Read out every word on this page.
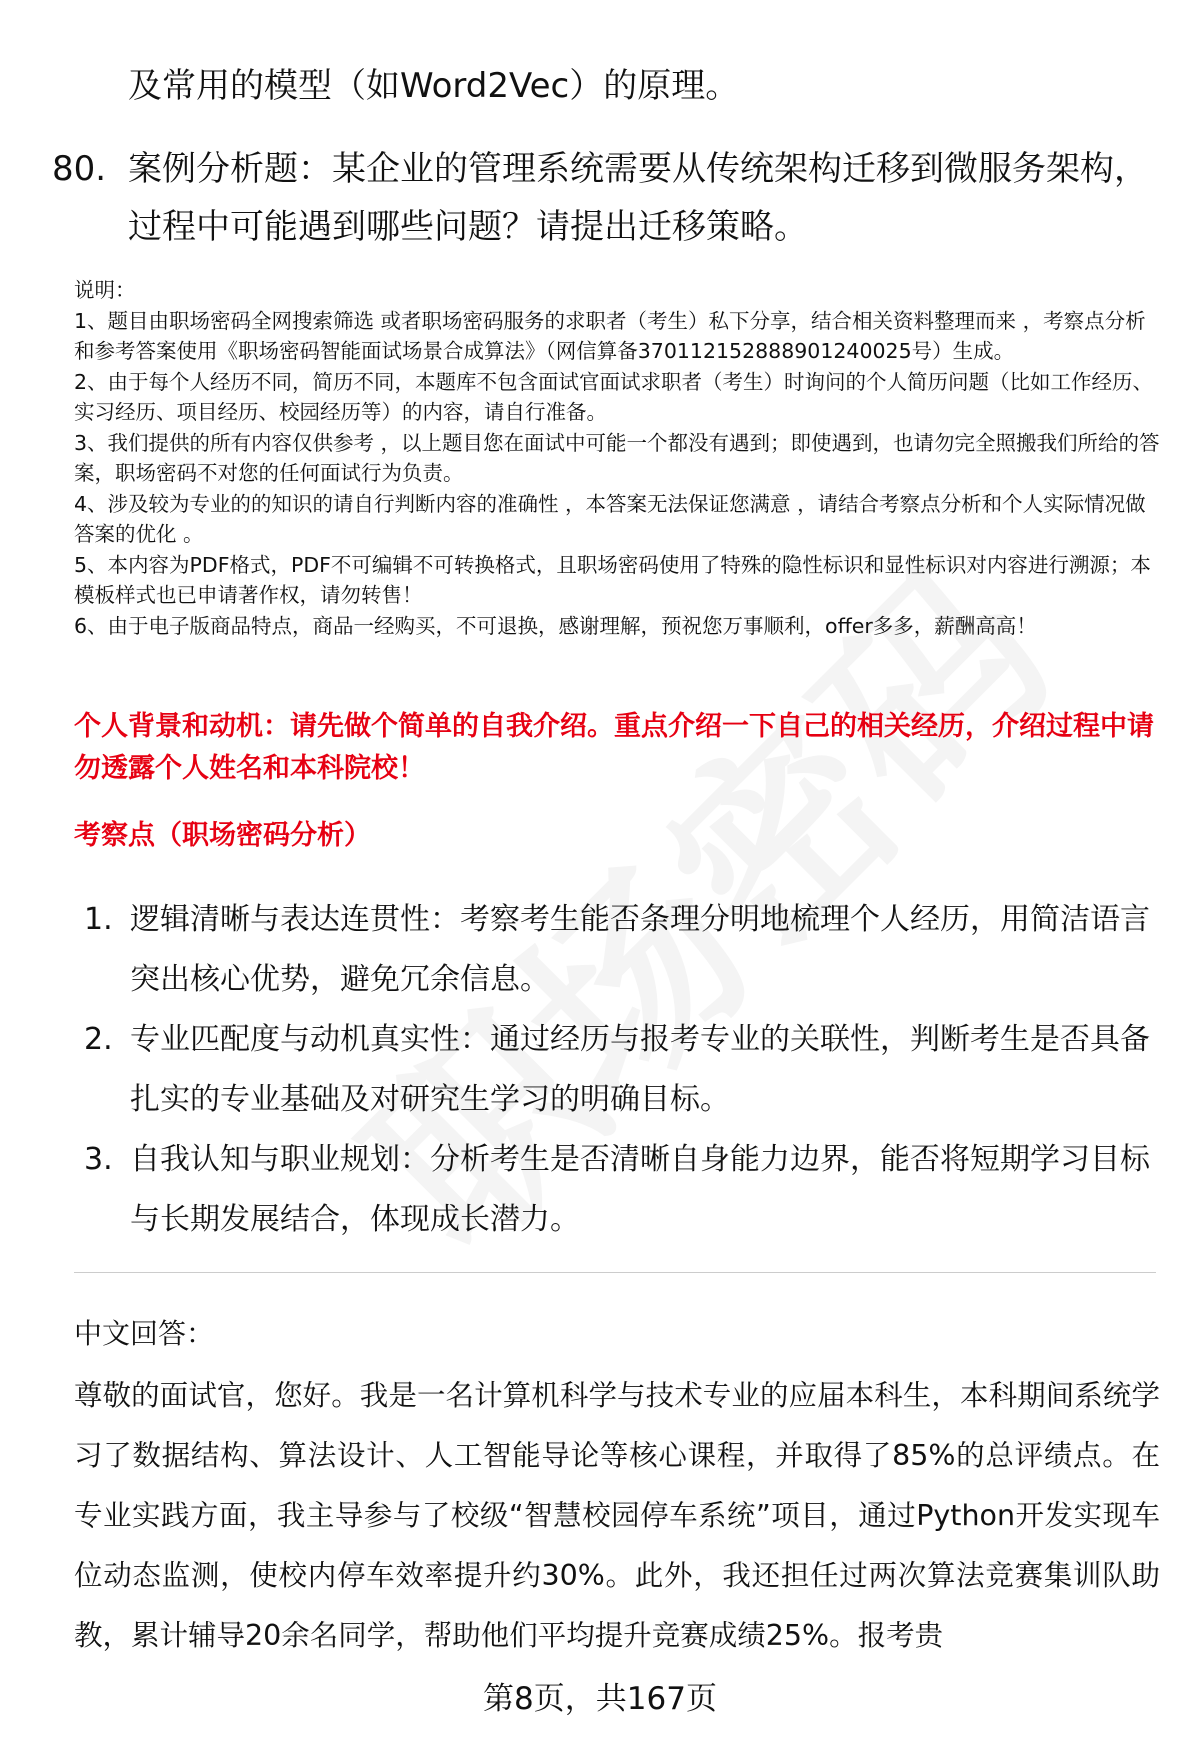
及常用的模型（如Word2Vec）的原理。
80. 案例分析题：某企业的管理系统需要从传统架构迁移到微服务架构，过程中可能遇到哪些问题？请提出迁移策略。

说明：

1、题目由职场密码全网搜索筛选 或者职场密码服务的求职者（考生）私下分享，结合相关资料整理而来 ，考察点分析和参考答案使用《职场密码智能面试场景合成算法》（网信算备370112152888901240025号）生成。

2、由于每个人经历不同，简历不同，本题库不包含面试官面试求职者（考生）时询问的个人简历问题（比如工作经历、实习经历、项目经历、校园经历等）的内容，请自行准备。

3、我们提供的所有内容仅供参考 ，以上题目您在面试中可能一个都没有遇到；即使遇到，也请勿完全照搬我们所给的答案，职场密码不对您的任何面试行为负责。

4、涉及较为专业的的知识的请自行判断内容的准确性 ，本答案无法保证您满意 ，请结合考察点分析和个人实际情况做答案的优化 。

5、本内容为PDF格式，PDF不可编辑不可转换格式，且职场密码使用了特殊的隐性标识和显性标识对内容进行溯源；本模板样式也已申请著作权，请勿转售！

6、由于电子版商品特点，商品一经购买，不可退换，感谢理解，预祝您万事顺利，offer多多，薪酬高高！

个人背景和动机：请先做个简单的自我介绍。重点介绍一下自己的相关经历，介绍过程中请勿透露个人姓名和本科院校！
考察点（职场密码分析）
1. 逻辑清晰与表达连贯性：考察考生能否条理分明地梳理个人经历，用简洁语言突出核心优势，避免冗余信息。
2. 专业匹配度与动机真实性：通过经历与报考专业的关联性，判断考生是否具备扎实的专业基础及对研究生学习的明确目标。
3. 自我认知与职业规划：分析考生是否清晰自身能力边界，能否将短期学习目标与长期发展结合，体现成长潜力。
中文回答：
尊敬的面试官，您好。我是一名计算机科学与技术专业的应届本科生，本科期间系统学习了数据结构、算法设计、人工智能导论等核心课程，并取得了85%的总评绩点。在专业实践方面，我主导参与了校级“智慧校园停车系统”项目，通过Python开发实现车位动态监测，使校内停车效率提升约30%。此外，我还担任过两次算法竞赛集训队助教，累计辅导20余名同学，帮助他们平均提升竞赛成绩25%。报考贵
第8页，共167页
